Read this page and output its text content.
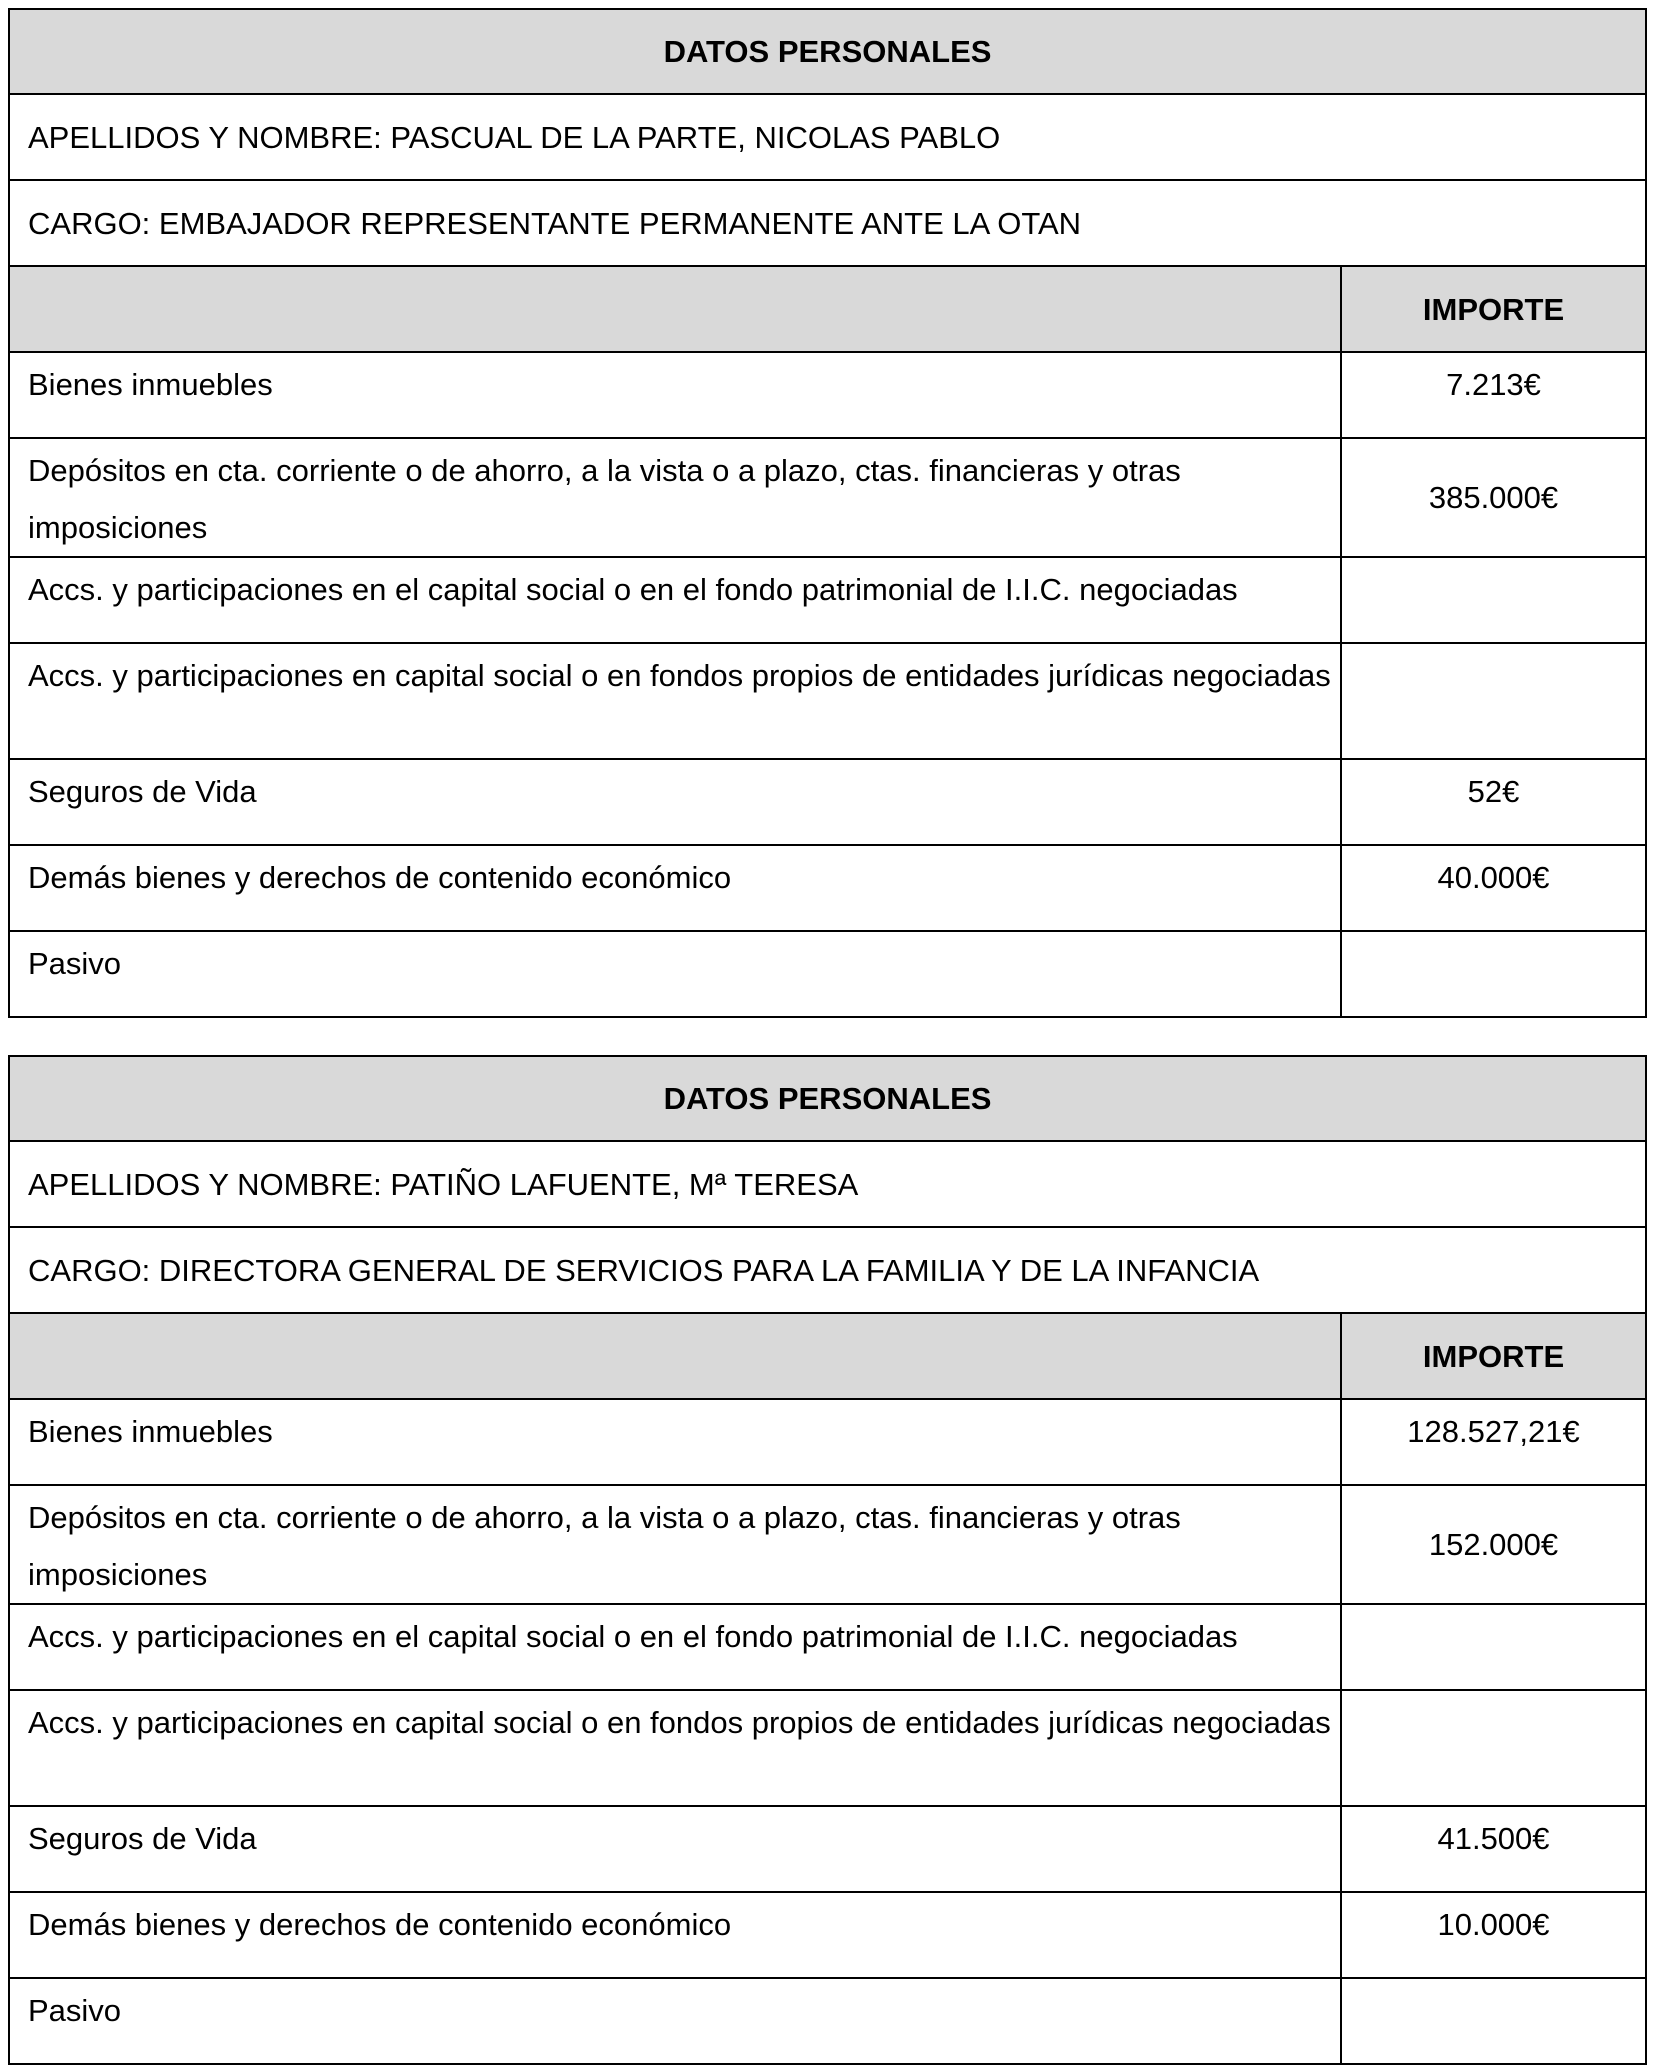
DATOS PERSONALES	
APELLIDOS Y NOMBRE: PASCUAL DE LA PARTE, NICOLAS PABLO	
CARGO: EMBAJADOR REPRESENTANTE PERMANENTE ANTE LA OTAN	
	IMPORTE

Bienes inmuebles	7.213€

Depósitos en cta. corriente o de ahorro, a la vista o a plazo, ctas. financieras y otras imposiciones	385.000€

Accs. y participaciones en el capital social o en el fondo patrimonial de I.I.C. negociadas	

Accs. y participaciones en capital social o en fondos propios de entidades jurídicas negociadas	

Seguros de Vida	52€

Demás bienes y derechos de contenido económico	40.000€

Pasivo	

DATOS PERSONALES	
APELLIDOS Y NOMBRE: PATIÑO LAFUENTE, Mª TERESA	
CARGO: DIRECTORA GENERAL DE SERVICIOS PARA LA FAMILIA Y DE LA INFANCIA	
	IMPORTE

Bienes inmuebles	128.527,21€

Depósitos en cta. corriente o de ahorro, a la vista o a plazo, ctas. financieras y otras imposiciones	152.000€

Accs. y participaciones en el capital social o en el fondo patrimonial de I.I.C. negociadas	

Accs. y participaciones en capital social o en fondos propios de entidades jurídicas negociadas	

Seguros de Vida	41.500€

Demás bienes y derechos de contenido económico	10.000€

Pasivo	
